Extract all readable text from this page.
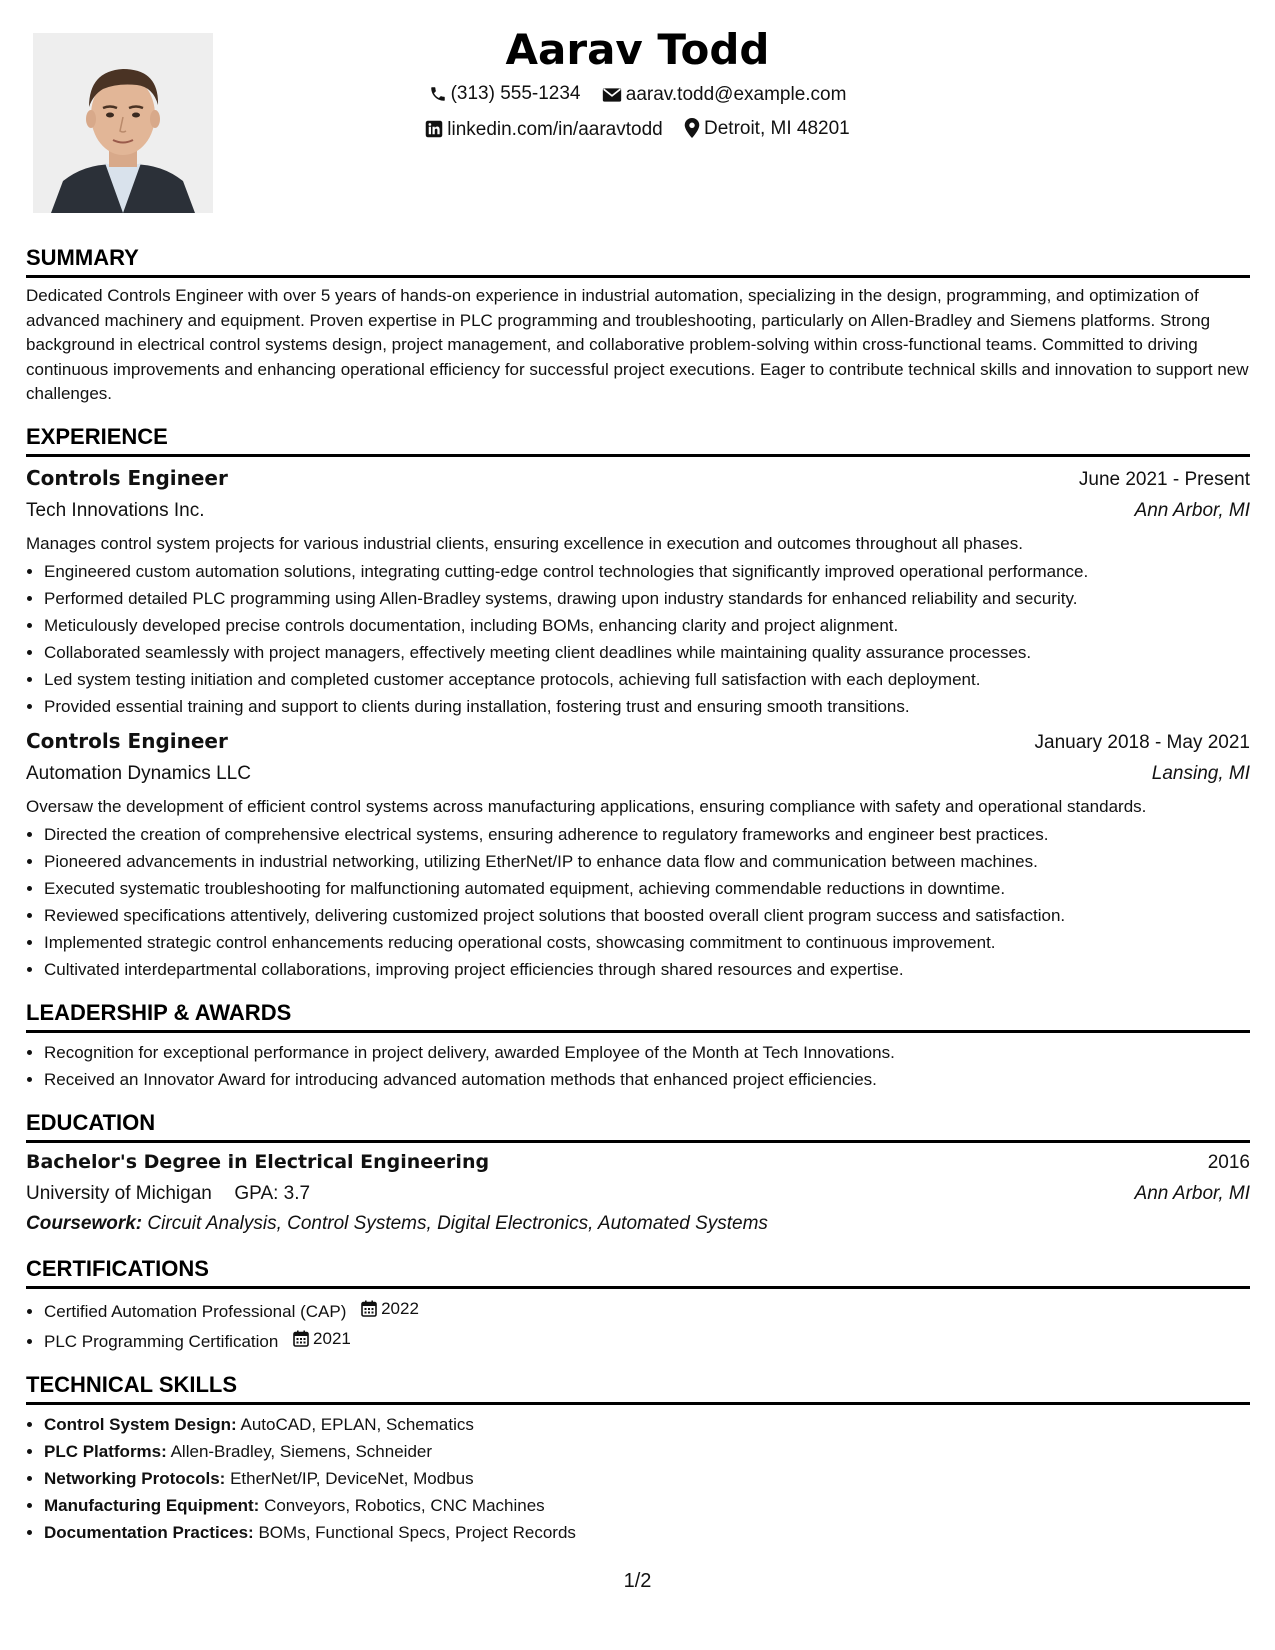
Aarav Todd
(313) 555-1234
aarav.todd@example.com
linkedin.com/in/aaravtodd
Detroit, MI 48201
SUMMARY

Dedicated Controls Engineer with over 5 years of hands-on experience in industrial automation, specializing in the design, programming, and optimization of advanced machinery and equipment. Proven expertise in PLC programming and troubleshooting, particularly on Allen-Bradley and Siemens platforms. Strong background in electrical control systems design, project management, and collaborative problem-solving within cross-functional teams. Committed to driving continuous improvements and enhancing operational efficiency for successful project executions. Eager to contribute technical skills and innovation to support new challenges.

EXPERIENCE
Controls Engineer	June 2021 - Present
Tech Innovations Inc.	Ann Arbor, MI

Manages control system projects for various industrial clients, ensuring excellence in execution and outcomes throughout all phases.

• Engineered custom automation solutions, integrating cutting-edge control technologies that significantly improved operational performance.
• Performed detailed PLC programming using Allen-Bradley systems, drawing upon industry standards for enhanced reliability and security.
• Meticulously developed precise controls documentation, including BOMs, enhancing clarity and project alignment.
• Collaborated seamlessly with project managers, effectively meeting client deadlines while maintaining quality assurance processes.
• Led system testing initiation and completed customer acceptance protocols, achieving full satisfaction with each deployment.
• Provided essential training and support to clients during installation, fostering trust and ensuring smooth transitions.
Controls Engineer	January 2018 - May 2021
Automation Dynamics LLC	Lansing, MI

Oversaw the development of efficient control systems across manufacturing applications, ensuring compliance with safety and operational standards.

• Directed the creation of comprehensive electrical systems, ensuring adherence to regulatory frameworks and engineer best practices.
• Pioneered advancements in industrial networking, utilizing EtherNet/IP to enhance data flow and communication between machines.
• Executed systematic troubleshooting for malfunctioning automated equipment, achieving commendable reductions in downtime.
• Reviewed specifications attentively, delivering customized project solutions that boosted overall client program success and satisfaction.
• Implemented strategic control enhancements reducing operational costs, showcasing commitment to continuous improvement.
• Cultivated interdepartmental collaborations, improving project efficiencies through shared resources and expertise.
LEADERSHIP & AWARDS
• Recognition for exceptional performance in project delivery, awarded Employee of the Month at Tech Innovations.
• Received an Innovator Award for introducing advanced automation methods that enhanced project efficiencies.
EDUCATION
Bachelor's Degree in Electrical Engineering	2016
University of Michigan GPA: 3.7	Ann Arbor, MI
Coursework: Circuit Analysis, Control Systems, Digital Electronics, Automated Systems
CERTIFICATIONS
• Certified Automation Professional (CAP) 2022
• PLC Programming Certification 2021
TECHNICAL SKILLS
• Control System Design: AutoCAD, EPLAN, Schematics
• PLC Platforms: Allen-Bradley, Siemens, Schneider
• Networking Protocols: EtherNet/IP, DeviceNet, Modbus
• Manufacturing Equipment: Conveyors, Robotics, CNC Machines
• Documentation Practices: BOMs, Functional Specs, Project Records
1/2
